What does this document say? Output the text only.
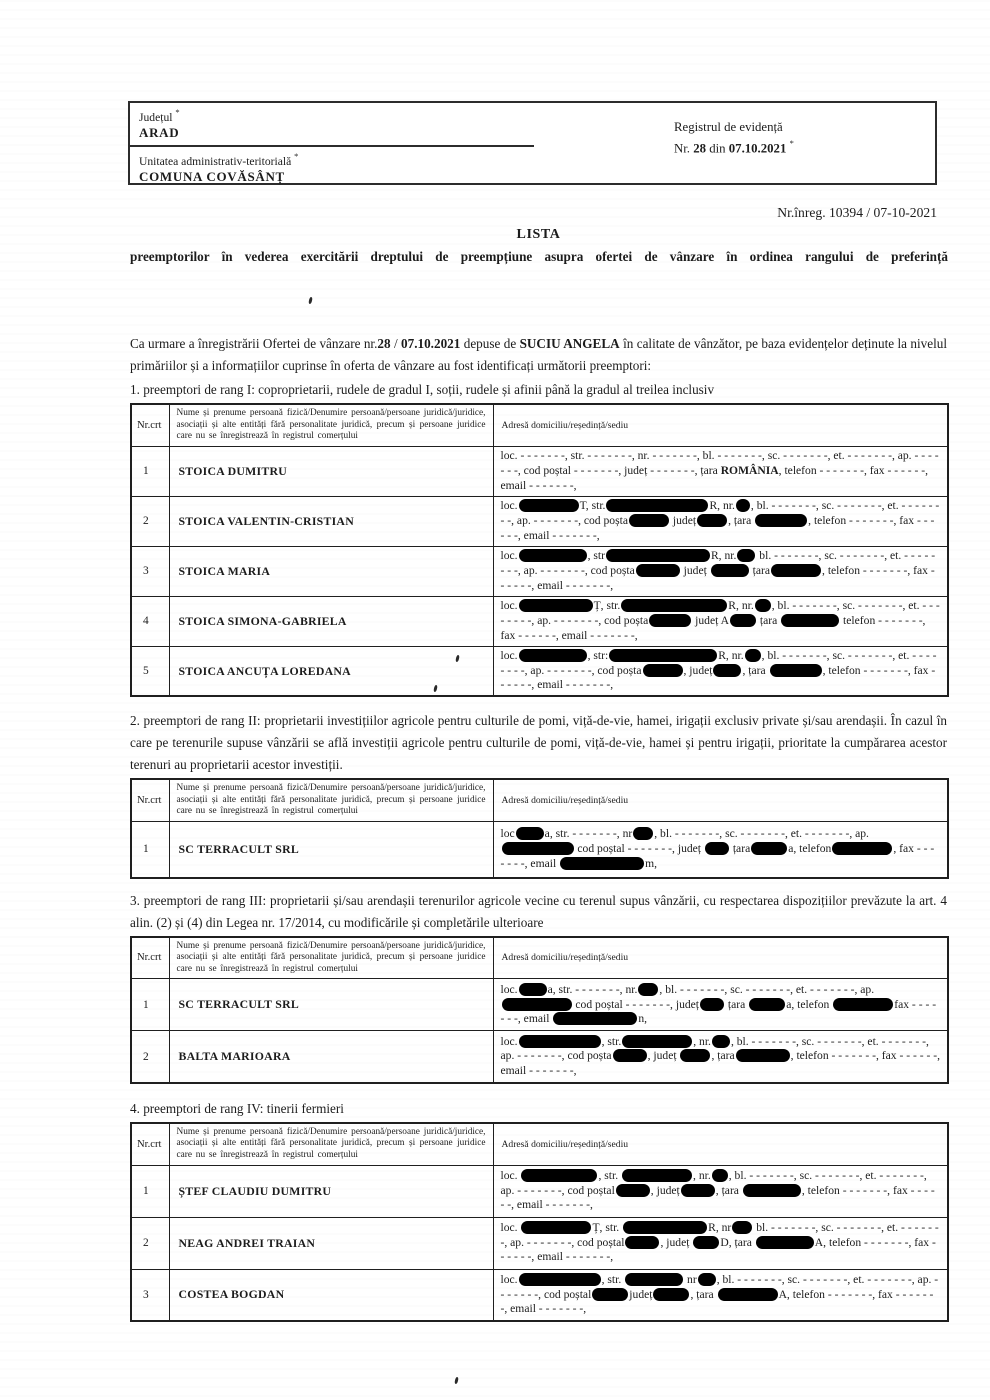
Județul *
ARAD
Unitatea administrativ-teritorială *
COMUNA COVĂSÂNȚ
Registrul de evidență
Nr. 28 din 07.10.2021 *
Nr.înreg. 10394 / 07-10-2021
LISTA
preemptorilor în vederea exercitării dreptului de preempțiune asupra ofertei de vânzare în ordinea rangului de preferință
Ca urmare a înregistrării Ofertei de vânzare nr.28 / 07.10.2021 depuse de SUCIU ANGELA în calitate de vânzător, pe baza evidențelor deținute la nivelul primăriilor și a informațiilor cuprinse în oferta de vânzare au fost identificați următorii preemptori:
1. preemptori de rang I: coproprietarii, rudele de gradul I, soții, rudele și afinii până la gradul al treilea inclusiv
Nr.crt	Nume și prenume persoană fizică/Denumire persoană/persoane juridică/juridice, asociații și alte entități fără personalitate juridică, precum și persoane juridice care nu se înregistrează în registrul comerțului	Adresă domiciliu/reședință/sediu
1	STOICA DUMITRU	loc. - - - - - - -, str. - - - - - - -, nr. - - - - - - -, bl. - - - - - - -, sc. - - - - - - -, et. - - - - - - -, ap. - - - - - - -, cod poștal - - - - - - -, județ - - - - - - -, țara ROMÂNIA, telefon - - - - - - -, fax - - - - - -, email - - - - - - -,
2	STOICA VALENTIN-CRISTIAN	loc. T, str. R, nr. , bl. - - - - - - -, sc. - - - - - - -, et. - - - - - - - -, ap. - - - - - - -, cod poșta județ , țara , telefon - - - - - - -, fax - - - - - -, email - - - - - - -,
3	STOICA MARIA	loc. , str R, nr. bl. - - - - - - -, sc. - - - - - - -, et. - - - - - - - -, ap. - - - - - - -, cod poșta județ țara , telefon - - - - - - -, fax - - - - - -, email - - - - - - -,
4	STOICA SIMONA-GABRIELA	loc. Ț, str. R, nr. , bl. - - - - - - -, sc. - - - - - - -, et. - - - - - - - -, ap. - - - - - - -, cod poșta județ A țara telefon - - - - - - -, fax - - - - - -, email - - - - - - -,
5	STOICA ANCUȚA LOREDANA	loc. , str: R, nr. , bl. - - - - - - -, sc. - - - - - - -, et. - - - - - - - -, ap. - - - - - - -, cod poșta , județ , țara , telefon - - - - - - -, fax - - - - - -, email - - - - - - -,
2. preemptori de rang II: proprietarii investițiilor agricole pentru culturile de pomi, viță-de-vie, hamei, irigații exclusiv private și/sau arendașii. În cazul în care pe terenurile supuse vânzării se află investiții agricole pentru culturile de pomi, viță-de-vie, hamei și pentru irigații, prioritate la cumpărarea acestor terenuri au proprietarii acestor investiții.
Nr.crt	Nume și prenume persoană fizică/Denumire persoană/persoane juridică/juridice, asociații și alte entități fără personalitate juridică, precum și persoane juridice care nu se înregistrează în registrul comerțului	Adresă domiciliu/reședință/sediu
1	SC TERRACULT SRL	loc a, str. - - - - - - -, nr , bl. - - - - - - -, sc. - - - - - - -, et. - - - - - - -, ap.  cod poștal - - - - - - -, județ  țara a, telefon , fax - - - - - - -, email m,
3. preemptori de rang III: proprietarii și/sau arendașii terenurilor agricole vecine cu terenul supus vânzării, cu respectarea dispozițiilor prevăzute la art. 4 alin. (2) și (4) din Legea nr. 17/2014, cu modificările și completările ulterioare
Nr.crt	Nume și prenume persoană fizică/Denumire persoană/persoane juridică/juridice, asociații și alte entități fără personalitate juridică, precum și persoane juridice care nu se înregistrează în registrul comerțului	Adresă domiciliu/reședință/sediu
1	SC TERRACULT SRL	loc. a, str. - - - - - - -, nr. , bl. - - - - - - -, sc. - - - - - - -, et. - - - - - - -, ap.  cod poștal - - - - - - -, județ țara a, telefon fax - - - - - - -, email n,
2	BALTA MARIOARA	loc. , str. , nr. , bl. - - - - - - -, sc. - - - - - - -, et. - - - - - - -, ap. - - - - - - -, cod poșta , județ , țara , telefon - - - - - - -, fax - - - - - -, email - - - - - - -,
4. preemptori de rang IV: tinerii fermieri
Nr.crt	Nume și prenume persoană fizică/Denumire persoană/persoane juridică/juridice, asociații și alte entități fără personalitate juridică, precum și persoane juridice care nu se înregistrează în registrul comerțului	Adresă domiciliu/reședință/sediu
1	ȘTEF CLAUDIU DUMITRU	loc. , str. , nr. , bl. - - - - - - -, sc. - - - - - - -, et. - - - - - - -, ap. - - - - - - -, cod poștal , județ , țara , telefon - - - - - - -, fax - - - - - -, email - - - - - - -,
2	NEAG ANDREI TRAIAN	loc. Ț, str. R, nr bl. - - - - - - -, sc. - - - - - - -, et. - - - - - - -, ap. - - - - - - -, cod poștal , județ D, țara A, telefon - - - - - - -, fax - - - - - -, email - - - - - - -,
3	COSTEA BOGDAN	loc. , str. nr , bl. - - - - - - -, sc. - - - - - - -, et. - - - - - - -, ap. - - - - - - -, cod poștal județ , țara A, telefon - - - - - - -, fax - - - - - - -, email - - - - - - -,
